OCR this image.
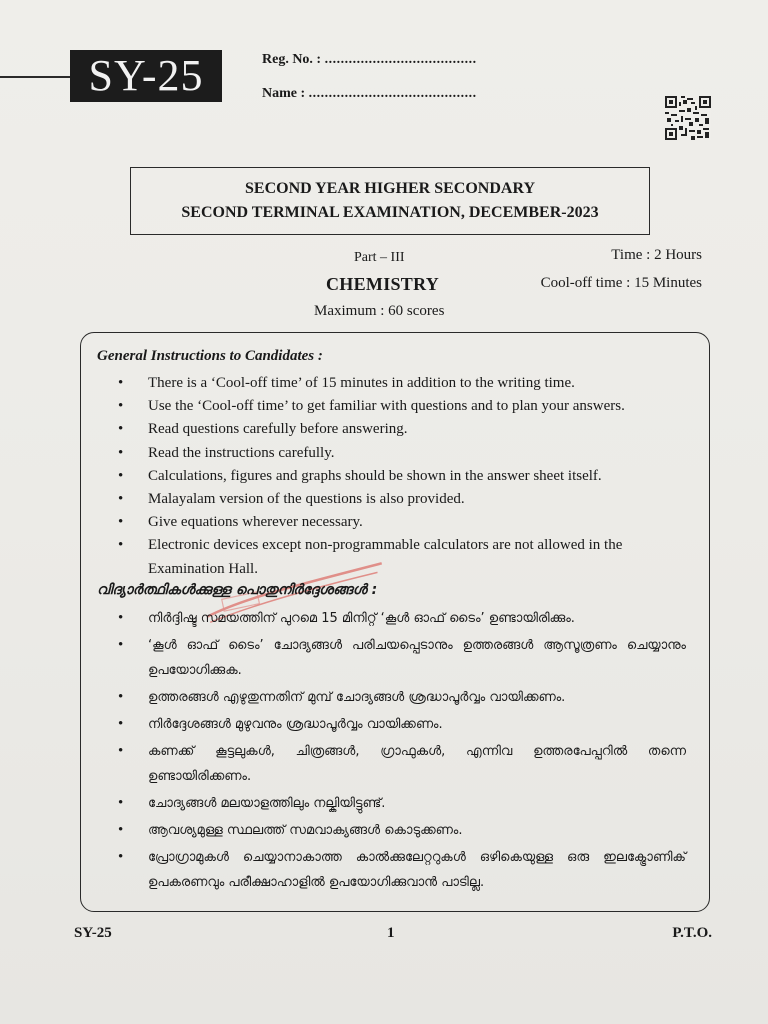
SY-25	Reg. No. : ......................................
Name : ..........................................
SECOND YEAR HIGHER SECONDARY
SECOND TERMINAL EXAMINATION, DECEMBER-2023
Part – III	Time : 2 Hours
CHEMISTRY	Cool-off time : 15 Minutes
Maximum : 60 scores
General Instructions to Candidates :
• There is a ‘Cool-off time’ of 15 minutes in addition to the writing time.
• Use the ‘Cool-off time’ to get familiar with questions and to plan your answers.
• Read questions carefully before answering.
• Read the instructions carefully.
• Calculations, figures and graphs should be shown in the answer sheet itself.
• Malayalam version of the questions is also provided.
• Give equations wherever necessary.
• Electronic devices except non-programmable calculators are not allowed in the Examination Hall.
വിദ്യാർത്ഥികൾക്കുള്ള പൊതുനിർദ്ദേശങ്ങൾ :
• നിർദ്ദിഷ്ട സമയത്തിന് പുറമെ 15 മിനിറ്റ് ‘കൂൾ ഓഫ് ടൈം’ ഉണ്ടായിരിക്കും.
• ‘കൂൾ ഓഫ് ടൈം’ ചോദ്യങ്ങൾ പരിചയപ്പെടാനും ഉത്തരങ്ങൾ ആസൂത്രണം ചെയ്യാനും ഉപയോഗിക്കുക.
• ഉത്തരങ്ങൾ എഴുതുന്നതിന് മുമ്പ് ചോദ്യങ്ങൾ ശ്രദ്ധാപൂർവ്വം വായിക്കണം.
• നിർദ്ദേശങ്ങൾ മുഴുവനും ശ്രദ്ധാപൂർവ്വം വായിക്കണം.
• കണക്ക് കൂട്ടലുകൾ, ചിത്രങ്ങൾ, ഗ്രാഫുകൾ, എന്നിവ ഉത്തരപേപ്പറിൽ തന്നെ ഉണ്ടായിരിക്കണം.
• ചോദ്യങ്ങൾ മലയാളത്തിലും നല്കിയിട്ടുണ്ട്.
• ആവശ്യമുള്ള സ്ഥലത്ത് സമവാക്യങ്ങൾ കൊടുക്കണം.
• പ്രോഗ്രാമുകൾ ചെയ്യാനാകാത്ത കാൽക്കുലേറ്ററുകൾ ഒഴികെയുള്ള ഒരു ഇലക്ട്രോണിക് ഉപകരണവും പരീക്ഷാഹാളിൽ ഉപയോഗിക്കുവാൻ പാടില്ല.
SY-25	1	P.T.O.
